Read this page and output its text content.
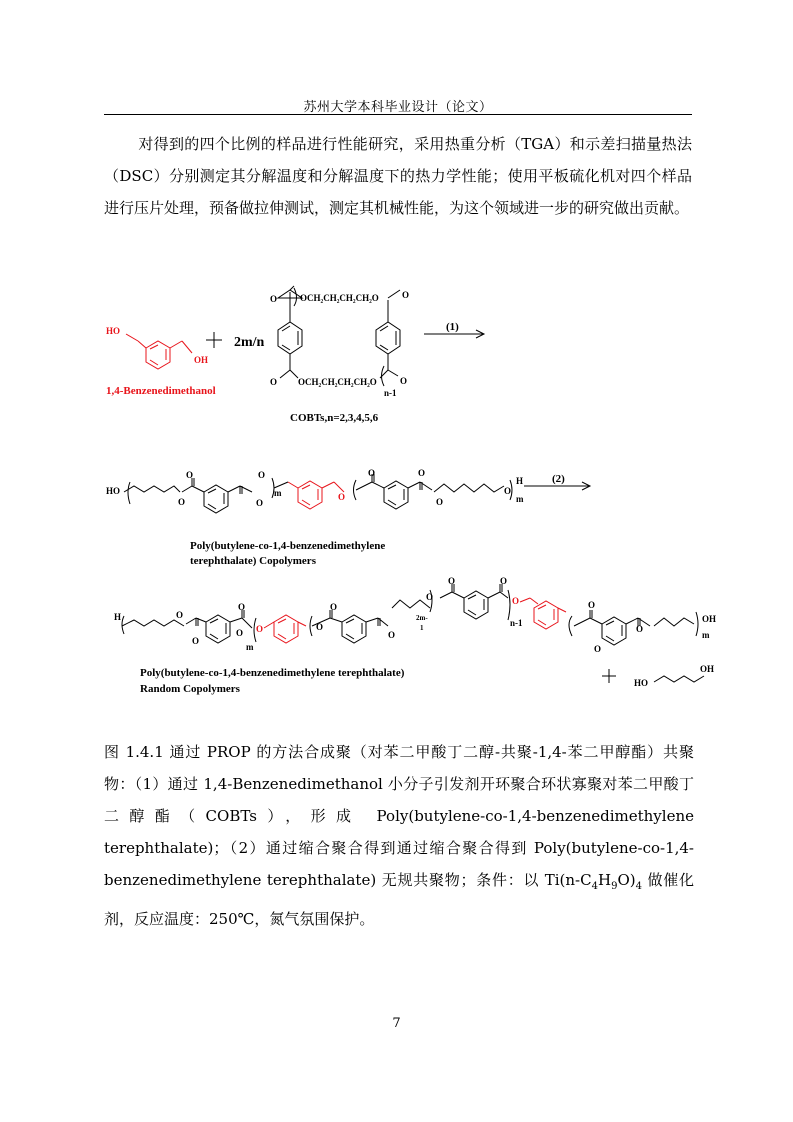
苏州大学本科毕业设计（论文）

对得到的四个比例的样品进行性能研究，采用热重分析（TGA）和示差扫描量热法（DSC）分别测定其分解温度和分解温度下的热力学性能；使用平板硫化机对四个样品进行压片处理，预备做拉伸测试，测定其机械性能，为这个领域进一步的研究做出贡献。

HO
OH
O	OCH₂CH₂CH₂CH₂O	O
O OCH₂CH₂CH₂CH₂O	O
n-1
HO
O
O
O
O
m	O
O	O
O
O
H
m
H	O
O
O
O
m
O	O
O
O
O
2m-
1
O	O
O
n-1
O
O
O
OH
m
HO
OH
1,4-Benzenedimethanol
COBTs,n=2,3,4,5,6
(1)
(2)
Poly(butylene-co-1,4-benzenedimethylene
terephthalate) Copolymers
Poly(butylene-co-1,4-benzenedimethylene terephthalate)
Random Copolymers
2m/n

图 1.4.1 通过 PROP 的方法合成聚（对苯二甲酸丁二醇-共聚-1,4-苯二甲醇酯）共聚物：（1）通过 1,4-Benzenedimethanol 小分子引发剂开环聚合环状寡聚对苯二甲酸丁二醇酯（COBTs），形成 Poly(butylene-co-1,4-benzenedimethylene terephthalate)；（2）通过缩合聚合得到通过缩合聚合得到 Poly(butylene-co-1,4-benzenedimethylene terephthalate) 无规共聚物；条件：以 $Ti(n-C_4H_9O)_4$ 做催化剂，反应温度：250℃，氮气氛围保护。

7
